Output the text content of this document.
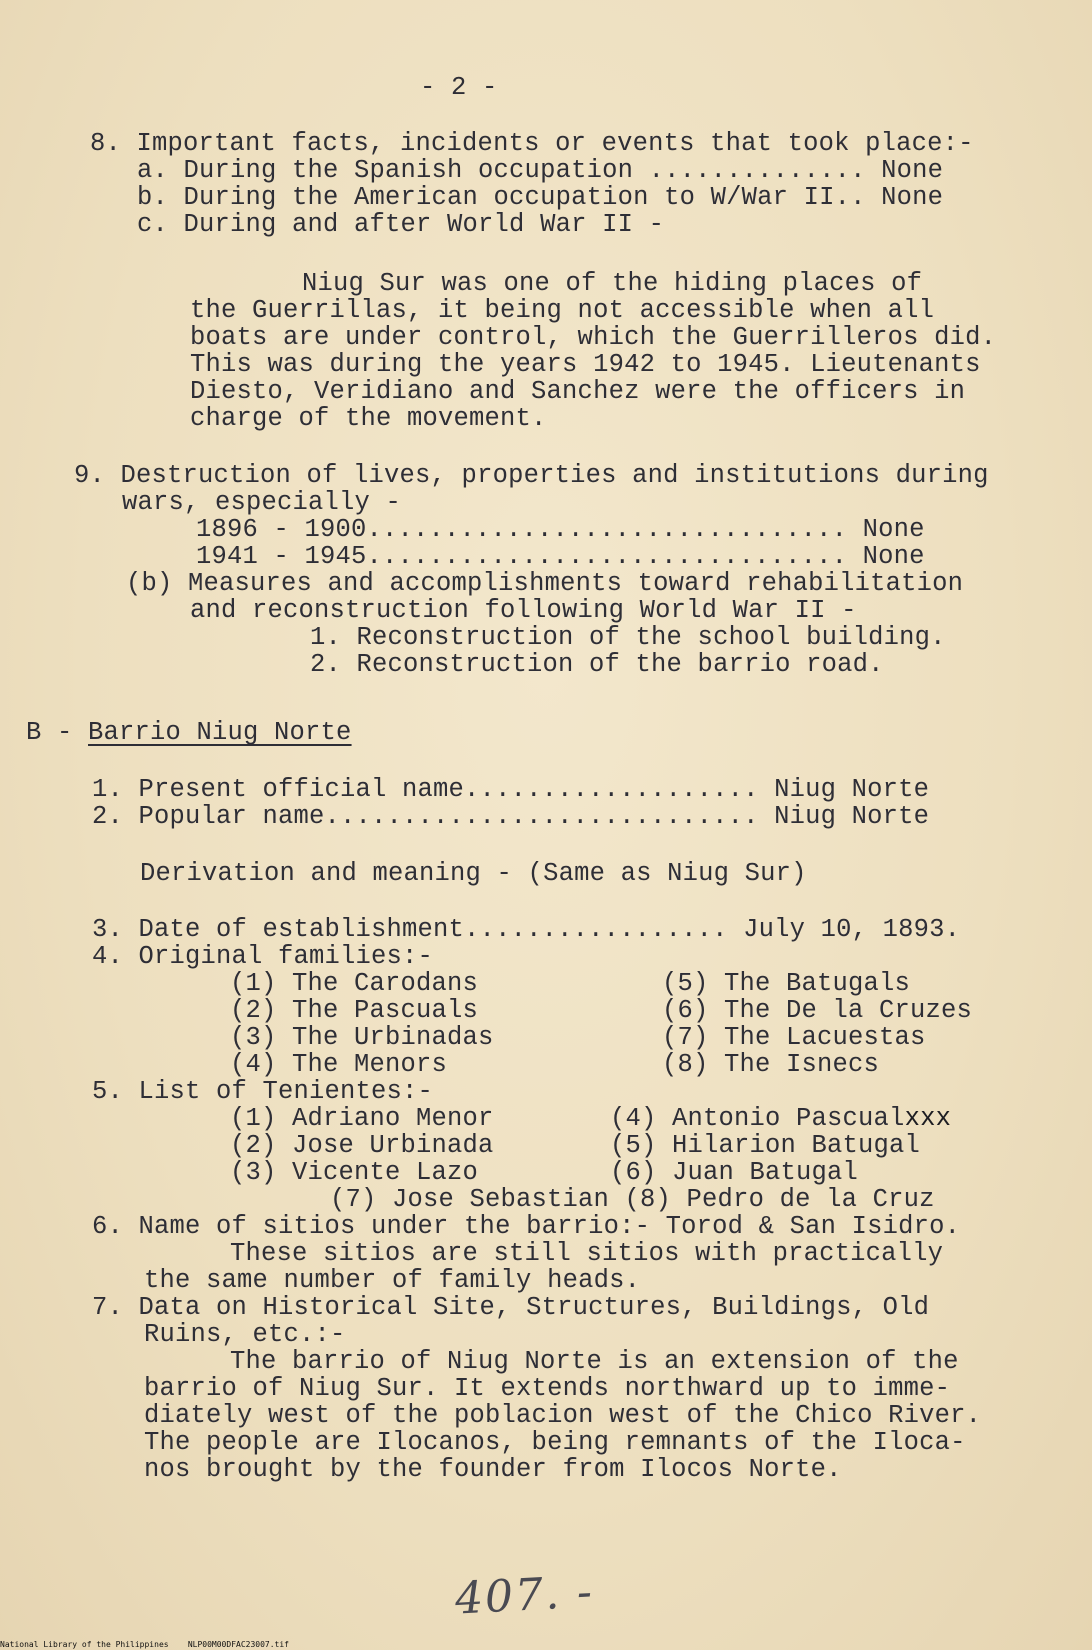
- 2 -
8. Important facts, incidents or events that took place:-
a. During the Spanish occupation .............. None
b. During the American occupation to W/War II.. None
c. During and after World War II -
Niug Sur was one of the hiding places of
the Guerrillas, it being not accessible when all
boats are under control, which the Guerrilleros did.
This was during the years 1942 to 1945. Lieutenants
Diesto, Veridiano and Sanchez were the officers in
charge of the movement.
9. Destruction of lives, properties and institutions during
wars, especially -
1896 - 1900............................... None
1941 - 1945............................... None
(b) Measures and accomplishments toward rehabilitation
and reconstruction following World War II -
1. Reconstruction of the school building.
2. Reconstruction of the barrio road.
B - Barrio Niug Norte
1. Present official name................... Niug Norte
2. Popular name............................ Niug Norte
Derivation and meaning - (Same as Niug Sur)
3. Date of establishment................. July 10, 1893.
4. Original families:-
(1) The Carodans
(2) The Pascuals
(3) The Urbinadas
(4) The Menors
(5) The Batugals
(6) The De la Cruzes
(7) The Lacuestas
(8) The Isnecs
5. List of Tenientes:-
(1) Adriano Menor
(2) Jose Urbinada
(3) Vicente Lazo
(4) Antonio Pascualxxx
(5) Hilarion Batugal
(6) Juan Batugal
(7) Jose Sebastian (8) Pedro de la Cruz
6. Name of sitios under the barrio:- Torod & San Isidro.
These sitios are still sitios with practically
the same number of family heads.
7. Data on Historical Site, Structures, Buildings, Old
Ruins, etc.:-
The barrio of Niug Norte is an extension of the
barrio of Niug Sur. It extends northward up to imme-
diately west of the poblacion west of the Chico River.
The people are Ilocanos, being remnants of the Iloca-
nos brought by the founder from Ilocos Norte.
407. -
National Library of the Philippines    NLP00M00DFAC23007.tif
